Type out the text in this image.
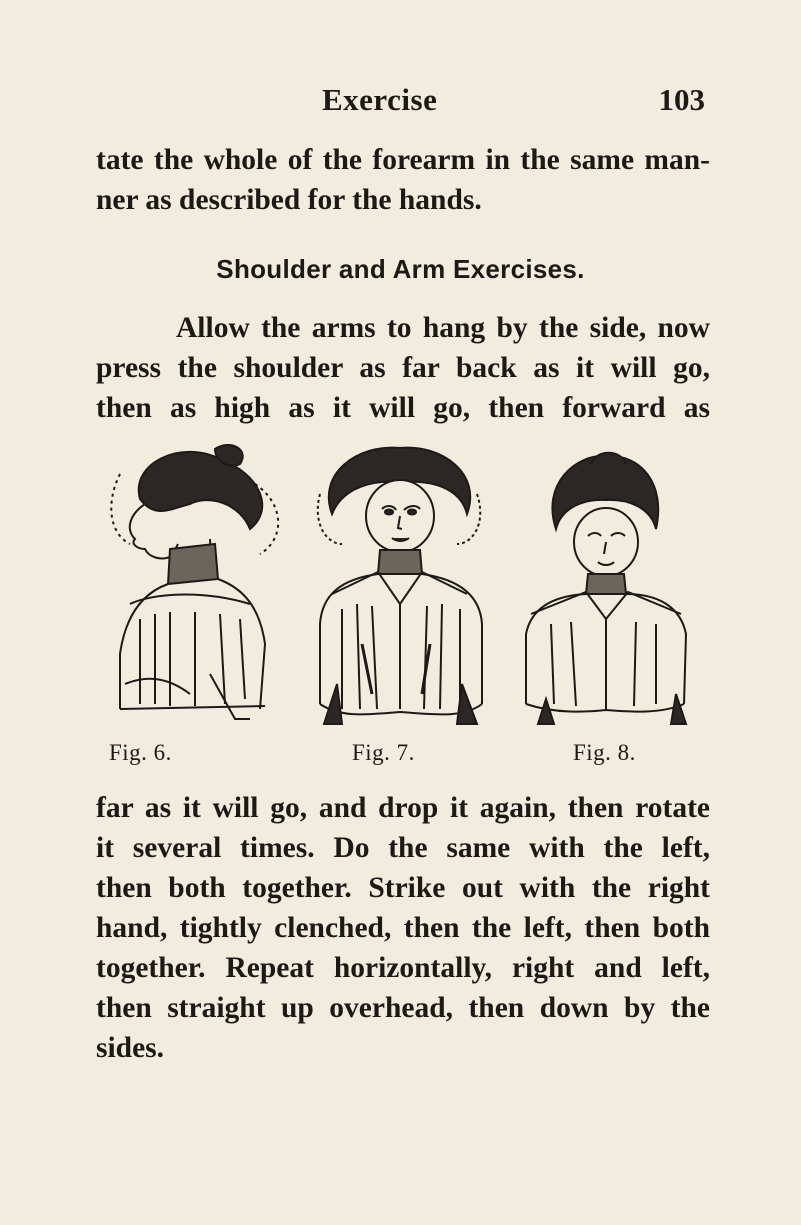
Exercise	103

tate the whole of the forearm in the same man-

ner as described for the hands.

Shoulder and Arm Exercises.

Allow the arms to hang by the side, now

press the shoulder as far back as it will go,

then as high as it will go, then forward as

Fig. 6.	Fig. 7.	Fig. 8.

far as it will go, and drop it again, then rotate

it several times. Do the same with the left,

then both together. Strike out with the right

hand, tightly clenched, then the left, then both

together. Repeat horizontally, right and left,

then straight up overhead, then down by the

sides.
